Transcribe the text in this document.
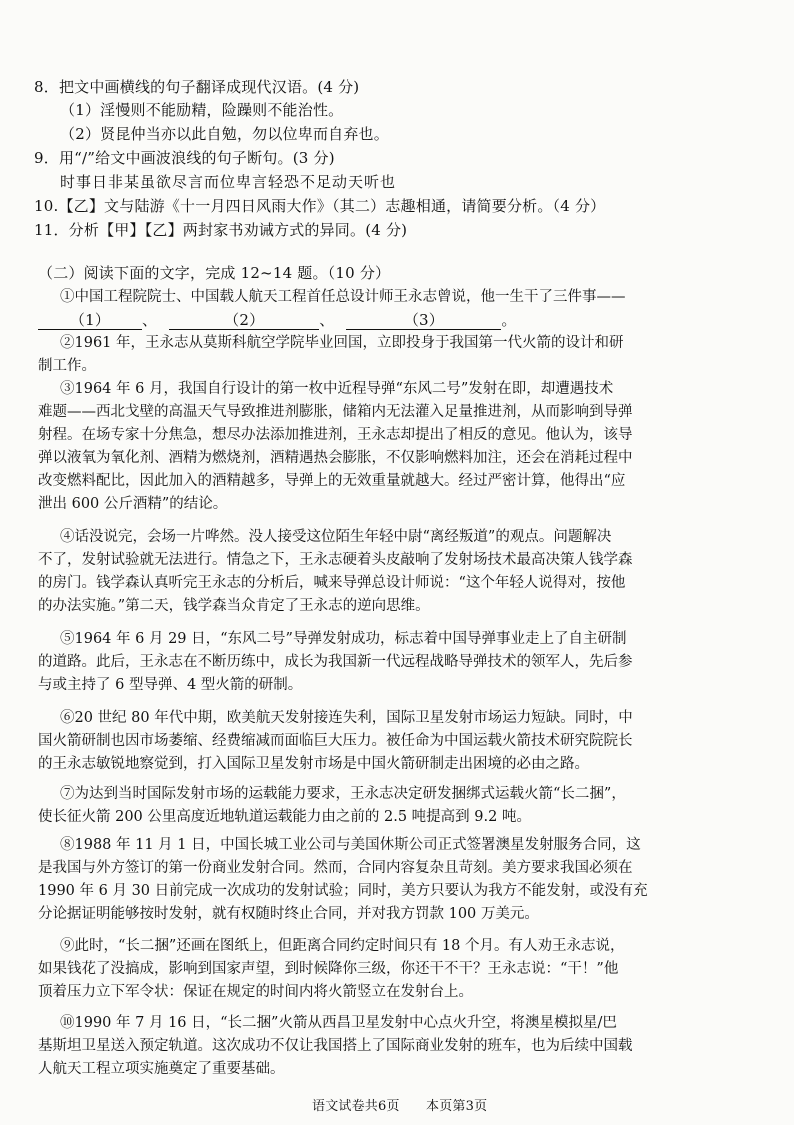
8．把文中画横线的句子翻译成现代汉语。(4 分)
（1）淫慢则不能励精，险躁则不能治性。
（2）贤昆仲当亦以此自勉，勿以位卑而自弃也。
9．用“/”给文中画波浪线的句子断句。(3 分)
时事日非某虽欲尽言而位卑言轻恐不足动天听也
10.【乙】文与陆游《十一月四日风雨大作》（其二）志趣相通，请简要分析。（4 分）
11．分析【甲】【乙】两封家书劝诫方式的异同。(4 分)
（二）阅读下面的文字，完成 12~14 题。（10 分）
①中国工程院院士、中国载人航天工程首任总设计师王永志曾说，他一生干了三件事——
（1） 、	（2）	、	（3）	。
②1961 年，王永志从莫斯科航空学院毕业回国，立即投身于我国第一代火箭的设计和研
制工作。
③1964 年 6 月，我国自行设计的第一枚中近程导弹“东风二号”发射在即，却遭遇技术
难题——西北戈壁的高温天气导致推进剂膨胀，储箱内无法灌入足量推进剂，从而影响到导弹
射程。在场专家十分焦急，想尽办法添加推进剂，王永志却提出了相反的意见。他认为，该导
弹以液氧为氧化剂、酒精为燃烧剂，酒精遇热会膨胀，不仅影响燃料加注，还会在消耗过程中
改变燃料配比，因此加入的酒精越多，导弹上的无效重量就越大。经过严密计算，他得出“应
泄出 600 公斤酒精”的结论。
④话没说完，会场一片哗然。没人接受这位陌生年轻中尉“离经叛道”的观点。问题解决
不了，发射试验就无法进行。情急之下，王永志硬着头皮敲响了发射场技术最高决策人钱学森
的房门。钱学森认真听完王永志的分析后，喊来导弹总设计师说：“这个年轻人说得对，按他
的办法实施。”第二天，钱学森当众肯定了王永志的逆向思维。
⑤1964 年 6 月 29 日，“东风二号”导弹发射成功，标志着中国导弹事业走上了自主研制
的道路。此后，王永志在不断历练中，成长为我国新一代远程战略导弹技术的领军人，先后参
与或主持了 6 型导弹、4 型火箭的研制。
⑥20 世纪 80 年代中期，欧美航天发射接连失利，国际卫星发射市场运力短缺。同时，中
国火箭研制也因市场萎缩、经费缩减而面临巨大压力。被任命为中国运载火箭技术研究院院长
的王永志敏锐地察觉到，打入国际卫星发射市场是中国火箭研制走出困境的必由之路。
⑦为达到当时国际发射市场的运载能力要求，王永志决定研发捆绑式运载火箭“长二捆”，
使长征火箭 200 公里高度近地轨道运载能力由之前的 2.5 吨提高到 9.2 吨。
⑧1988 年 11 月 1 日，中国长城工业公司与美国休斯公司正式签署澳星发射服务合同，这
是我国与外方签订的第一份商业发射合同。然而，合同内容复杂且苛刻。美方要求我国必须在
1990 年 6 月 30 日前完成一次成功的发射试验；同时，美方只要认为我方不能发射，或没有充
分论据证明能够按时发射，就有权随时终止合同，并对我方罚款 100 万美元。
⑨此时，“长二捆”还画在图纸上，但距离合同约定时间只有 18 个月。有人劝王永志说，
如果钱花了没搞成，影响到国家声望，到时候降你三级，你还干不干？王永志说：“干！”他
顶着压力立下军令状：保证在规定的时间内将火箭竖立在发射台上。
⑩1990 年 7 月 16 日，“长二捆”火箭从西昌卫星发射中心点火升空，将澳星模拟星/巴
基斯坦卫星送入预定轨道。这次成功不仅让我国搭上了国际商业发射的班车，也为后续中国载
人航天工程立项实施奠定了重要基础。
语文试卷共6页 本页第3页
